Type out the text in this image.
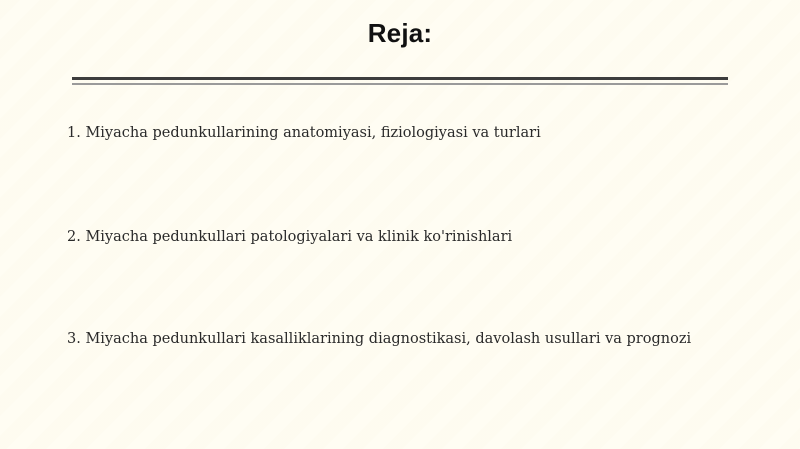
Reja:
1. Miyacha pedunkullarining anatomiyasi, fiziologiyasi va turlari
2. Miyacha pedunkullari patologiyalari va klinik ko'rinishlari
3. Miyacha pedunkullari kasalliklarining diagnostikasi, davolash usullari va prognozi
